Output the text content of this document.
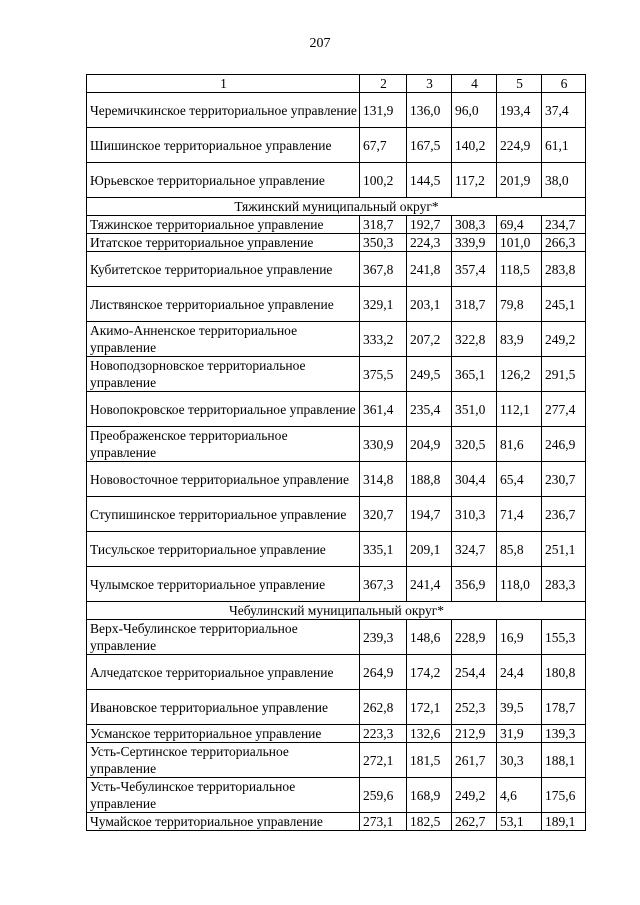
207
1	2	3	4	5	6
Черемичкинское территориальное управление	131,9	136,0	96,0	193,4	37,4
Шишинское территориальное управление	67,7	167,5	140,2	224,9	61,1
Юрьевское территориальное управление	100,2	144,5	117,2	201,9	38,0
Тяжинский муниципальный округ*					
Тяжинское территориальное управление	318,7	192,7	308,3	69,4	234,7
Итатское территориальное управление	350,3	224,3	339,9	101,0	266,3
Кубитетское территориальное управление	367,8	241,8	357,4	118,5	283,8
Листвянское территориальное управление	329,1	203,1	318,7	79,8	245,1
Акимо-Анненское территориальное управление	333,2	207,2	322,8	83,9	249,2
Новоподзорновское территориальное управление	375,5	249,5	365,1	126,2	291,5
Новопокровское территориальное управление	361,4	235,4	351,0	112,1	277,4
Преображенское территориальное управление	330,9	204,9	320,5	81,6	246,9
Нововосточное территориальное управление	314,8	188,8	304,4	65,4	230,7
Ступишинское территориальное управление	320,7	194,7	310,3	71,4	236,7
Тисульское территориальное управление	335,1	209,1	324,7	85,8	251,1
Чулымское территориальное управление	367,3	241,4	356,9	118,0	283,3
Чебулинский муниципальный округ*					
Верх-Чебулинское территориальное управление	239,3	148,6	228,9	16,9	155,3
Алчедатское территориальное управление	264,9	174,2	254,4	24,4	180,8
Ивановское территориальное управление	262,8	172,1	252,3	39,5	178,7
Усманское территориальное управление	223,3	132,6	212,9	31,9	139,3
Усть-Сертинское территориальное управление	272,1	181,5	261,7	30,3	188,1
Усть-Чебулинское территориальное управление	259,6	168,9	249,2	4,6	175,6
Чумайское территориальное управление	273,1	182,5	262,7	53,1	189,1
